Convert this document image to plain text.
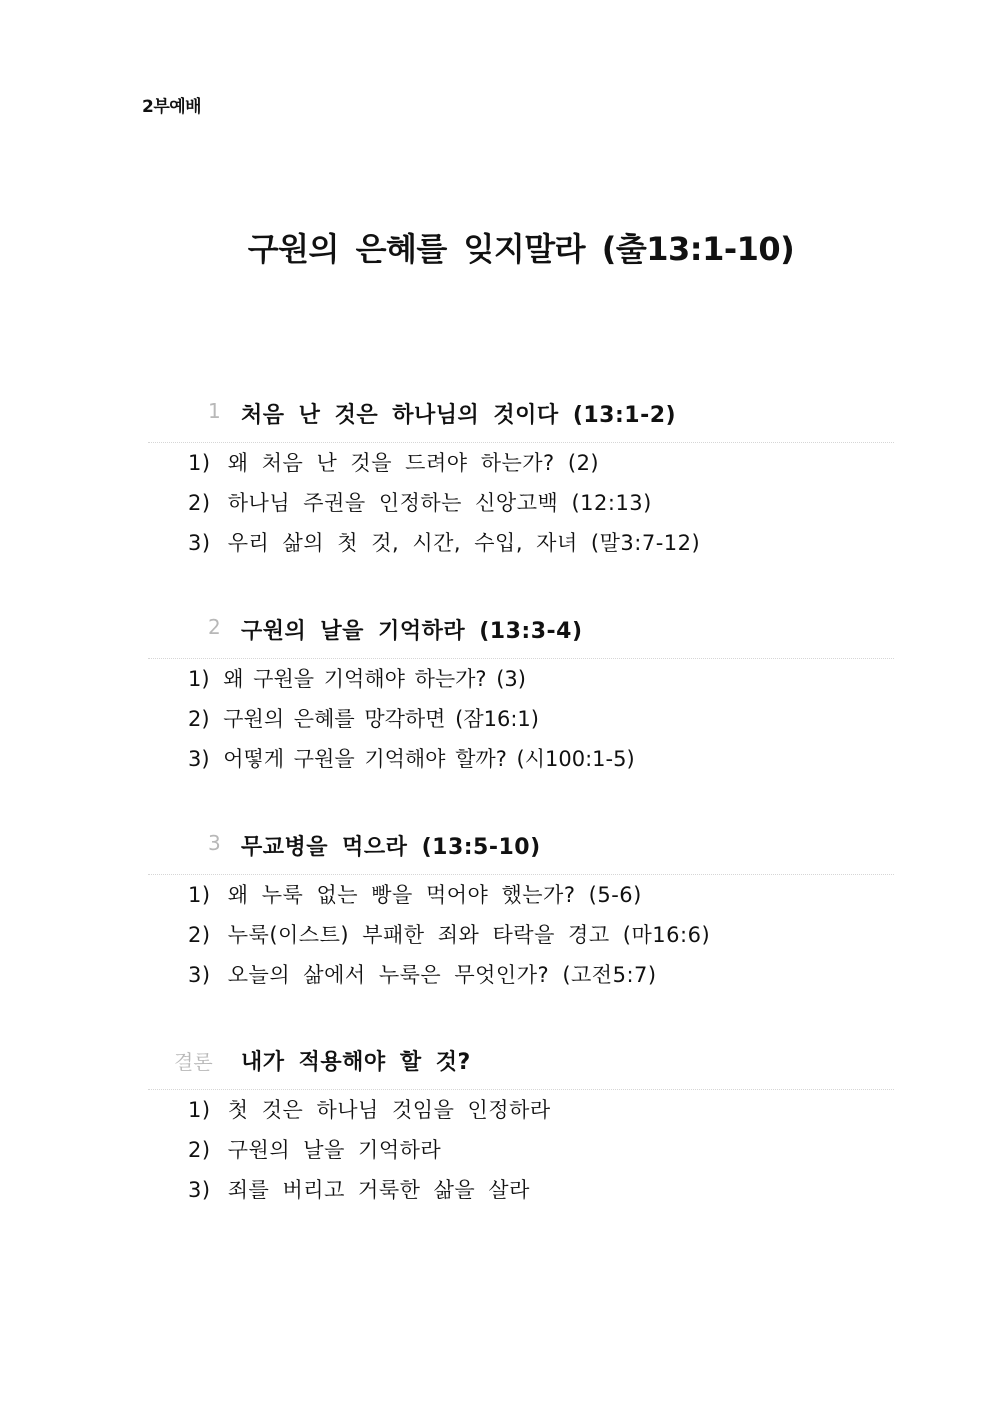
2부예배
구원의 은혜를 잊지말라 (출13:1-10)
1 처음 난 것은 하나님의 것이다 (13:1-2)
1) 왜 처음 난 것을 드려야 하는가? (2)
2) 하나님 주권을 인정하는 신앙고백 (12:13)
3) 우리 삶의 첫 것, 시간, 수입, 자녀 (말3:7-12)
2 구원의 날을 기억하라 (13:3-4)
1) 왜 구원을 기억해야 하는가? (3)
2) 구원의 은혜를 망각하면 (잠16:1)
3) 어떻게 구원을 기억해야 할까? (시100:1-5)
3 무교병을 먹으라 (13:5-10)
1) 왜 누룩 없는 빵을 먹어야 했는가? (5-6)
2) 누룩(이스트) 부패한 죄와 타락을 경고 (마16:6)
3) 오늘의 삶에서 누룩은 무엇인가? (고전5:7)
결론 내가 적용해야 할 것?
1) 첫 것은 하나님 것임을 인정하라
2) 구원의 날을 기억하라
3) 죄를 버리고 거룩한 삶을 살라
